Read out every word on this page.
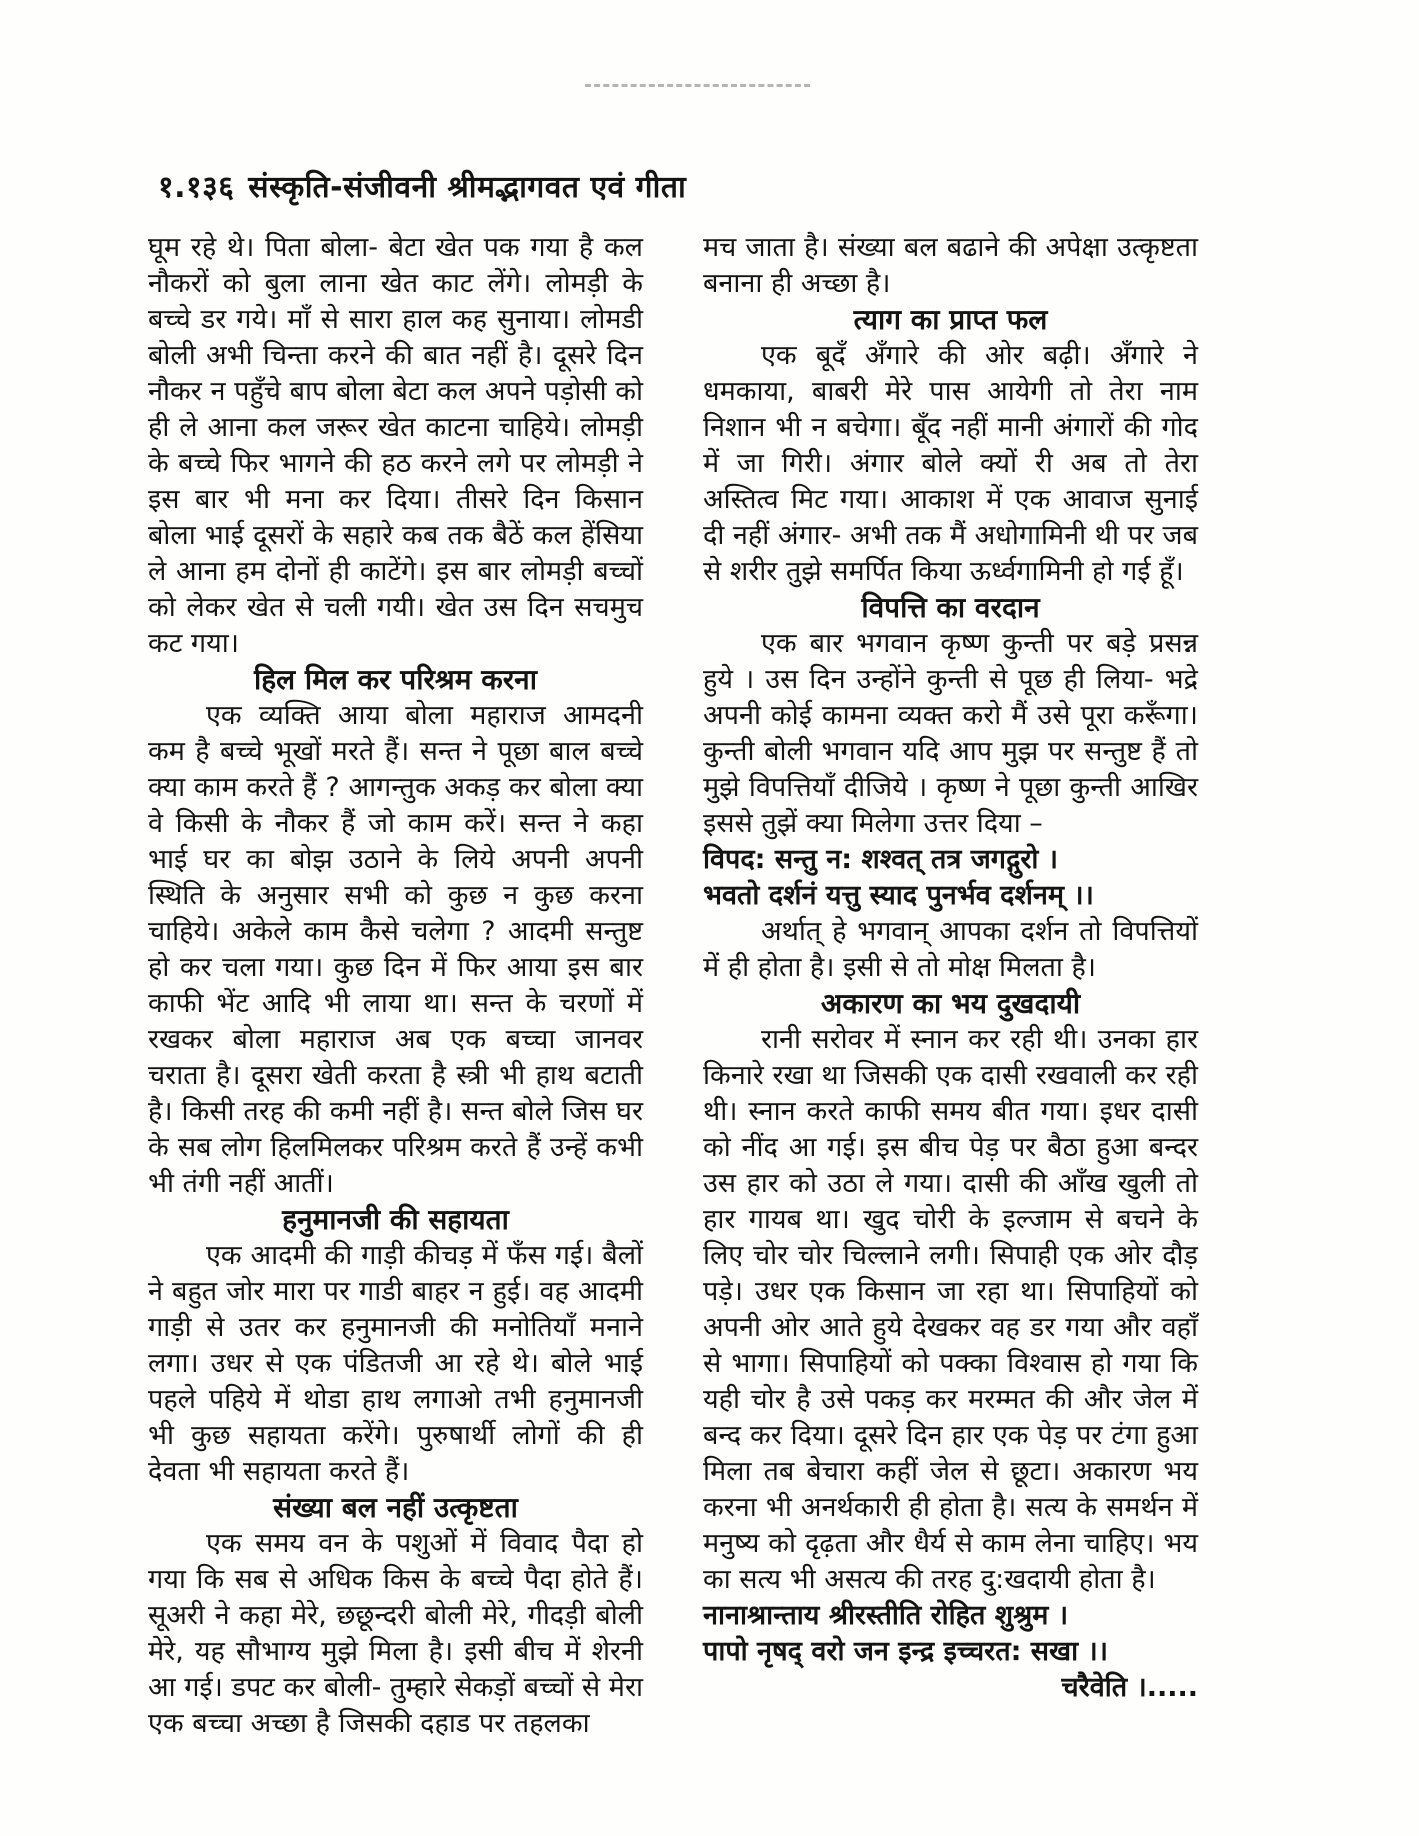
१.१३६ संस्कृति-संजीवनी श्रीमद्भागवत एवं गीता
घूम रहे थे। पिता बोला- बेटा खेत पक गया है कल नौकरों को बुला लाना खेत काट लेंगे। लोमड़ी के बच्चे डर गये। माँ से सारा हाल कह सुनाया। लोमडी बोली अभी चिन्ता करने की बात नहीं है। दूसरे दिन नौकर न पहुँचे बाप बोला बेटा कल अपने पड़ोसी को ही ले आना कल जरूर खेत काटना चाहिये। लोमड़ी के बच्चे फिर भागने की हठ करने लगे पर लोमड़ी ने इस बार भी मना कर दिया। तीसरे दिन किसान बोला भाई दूसरों के सहारे कब तक बैठें कल हेंसिया ले आना हम दोनों ही काटेंगे। इस बार लोमड़ी बच्चों को लेकर खेत से चली गयी। खेत उस दिन सचमुच कट गया।
हिल मिल कर परिश्रम करना
एक व्यक्ति आया बोला महाराज आमदनी कम है बच्चे भूखों मरते हैं। सन्त ने पूछा बाल बच्चे क्या काम करते हैं ? आगन्तुक अकड़ कर बोला क्या वे किसी के नौकर हैं जो काम करें। सन्त ने कहा भाई घर का बोझ उठाने के लिये अपनी अपनी स्थिति के अनुसार सभी को कुछ न कुछ करना चाहिये। अकेले काम कैसे चलेगा ? आदमी सन्तुष्ट हो कर चला गया। कुछ दिन में फिर आया इस बार काफी भेंट आदि भी लाया था। सन्त के चरणों में रखकर बोला महाराज अब एक बच्चा जानवर चराता है। दूसरा खेती करता है स्त्री भी हाथ बटाती है। किसी तरह की कमी नहीं है। सन्त बोले जिस घर के सब लोग हिलमिलकर परिश्रम करते हैं उन्हें कभी भी तंगी नहीं आतीं।
हनुमानजी की सहायता
एक आदमी की गाड़ी कीचड़ में फँस गई। बैलों ने बहुत जोर मारा पर गाडी बाहर न हुई। वह आदमी गाड़ी से उतर कर हनुमानजी की मनोतियाँ मनाने लगा। उधर से एक पंडितजी आ रहे थे। बोले भाई पहले पहिये में थोडा हाथ लगाओ तभी हनुमानजी भी कुछ सहायता करेंगे। पुरुषार्थी लोगों की ही देवता भी सहायता करते हैं।
संख्या बल नहीं उत्कृष्टता
एक समय वन के पशुओं में विवाद पैदा हो गया कि सब से अधिक किस के बच्चे पैदा होते हैं। सूअरी ने कहा मेरे, छछून्दरी बोली मेरे, गीदड़ी बोली मेरे, यह सौभाग्य मुझे मिला है। इसी बीच में शेरनी आ गई। डपट कर बोली- तुम्हारे सेकड़ों बच्चों से मेरा एक बच्चा अच्छा है जिसकी दहाड पर तहलका
मच जाता है। संख्या बल बढाने की अपेक्षा उत्कृष्टता बनाना ही अच्छा है।
त्याग का प्राप्त फल
एक बूदँ अँगारे की ओर बढ़ी। अँगारे ने धमकाया, बाबरी मेरे पास आयेगी तो तेरा नाम निशान भी न बचेगा। बूँद नहीं मानी अंगारों की गोद में जा गिरी। अंगार बोले क्यों री अब तो तेरा अस्तित्व मिट गया। आकाश में एक आवाज सुनाई दी नहीं अंगार- अभी तक मैं अधोगामिनी थी पर जब से शरीर तुझे समर्पित किया ऊर्ध्वगामिनी हो गई हूँ।
विपत्ति का वरदान
एक बार भगवान कृष्ण कुन्ती पर बड़े प्रसन्न हुये । उस दिन उन्होंने कुन्ती से पूछ ही लिया- भद्रे अपनी कोई कामना व्यक्त करो मैं उसे पूरा करूँगा। कुन्ती बोली भगवान यदि आप मुझ पर सन्तुष्ट हैं तो मुझे विपत्तियाँ दीजिये । कृष्ण ने पूछा कुन्ती आखिर इससे तुझें क्या मिलेगा उत्तर दिया –
विपद: सन्तु न: शश्वत् तत्र जगद्गुरो ।
भवतो दर्शनं यत्तु स्याद पुनर्भव दर्शनम् ।।
अर्थात् हे भगवान् आपका दर्शन तो विपत्तियों में ही होता है। इसी से तो मोक्ष मिलता है।
अकारण का भय दुखदायी
रानी सरोवर में स्नान कर रही थी। उनका हार किनारे रखा था जिसकी एक दासी रखवाली कर रही थी। स्नान करते काफी समय बीत गया। इधर दासी को नींद आ गई। इस बीच पेड़ पर बैठा हुआ बन्दर उस हार को उठा ले गया। दासी की आँख खुली तो हार गायब था। खुद चोरी के इल्जाम से बचने के लिए चोर चोर चिल्लाने लगी। सिपाही एक ओर दौड़ पड़े। उधर एक किसान जा रहा था। सिपाहियों को अपनी ओर आते हुये देखकर वह डर गया और वहाँ से भागा। सिपाहियों को पक्का विश्वास हो गया कि यही चोर है उसे पकड़ कर मरम्मत की और जेल में बन्द कर दिया। दूसरे दिन हार एक पेड़ पर टंगा हुआ मिला तब बेचारा कहीं जेल से छूटा। अकारण भय करना भी अनर्थकारी ही होता है। सत्य के समर्थन में मनुष्य को दृढ़ता और धैर्य से काम लेना चाहिए। भय का सत्य भी असत्य की तरह दु:खदायी होता है।
नानाश्रान्ताय श्रीरस्तीति रोहित शुश्रुम ।
पापो नृषद् वरो जन इन्द्र इच्चरत: सखा ।।
चरैवेति ।.....
